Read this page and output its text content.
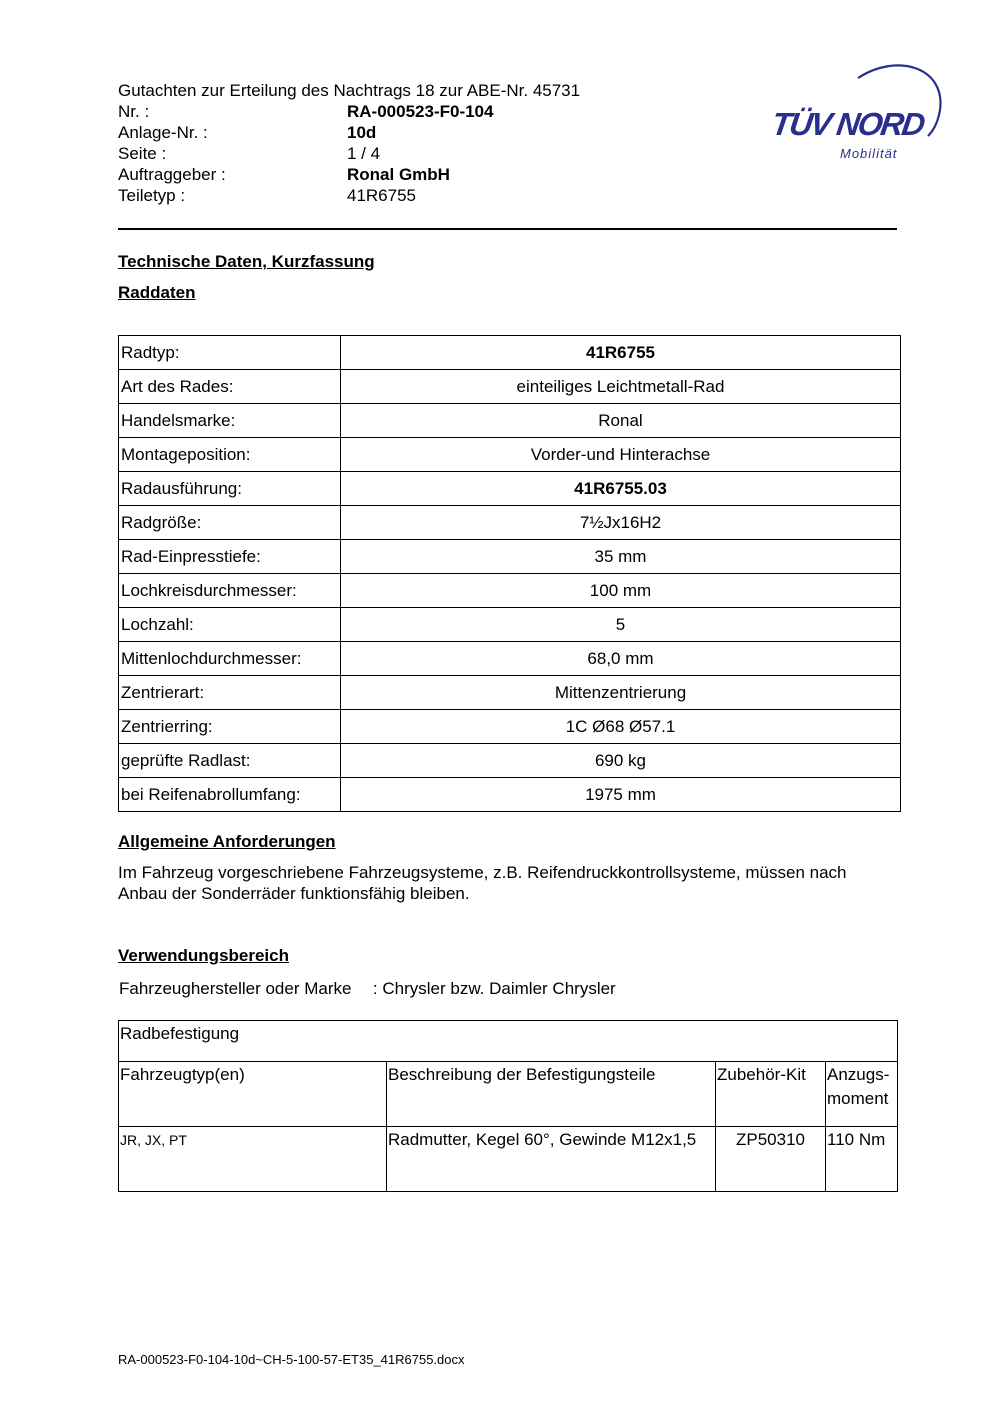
Gutachten zur Erteilung des Nachtrags 18 zur ABE-Nr. 45731
Nr. :	RA-000523-F0-104
Anlage-Nr. :	10d
Seite :	1 / 4
Auftraggeber :	Ronal GmbH
Teiletyp :	41R6755
TÜV NORD
Mobilität
Technische Daten, Kurzfassung
Raddaten
Radtyp:	41R6755
Art des Rades:	einteiliges Leichtmetall-Rad
Handelsmarke:	Ronal
Montageposition:	Vorder-und Hinterachse
Radausführung:	41R6755.03
Radgröße:	7½Jx16H2
Rad-Einpresstiefe:	35 mm
Lochkreisdurchmesser:	100 mm
Lochzahl:	5
Mittenlochdurchmesser:	68,0 mm
Zentrierart:	Mittenzentrierung
Zentrierring:	1C Ø68 Ø57.1
geprüfte Radlast:	690 kg
bei Reifenabrollumfang:	1975 mm
Allgemeine Anforderungen
Im Fahrzeug vorgeschriebene Fahrzeugsysteme, z.B. Reifendruckkontrollsysteme, müssen nach Anbau der Sonderräder funktionsfähig bleiben.
Verwendungsbereich
Fahrzeughersteller oder Marke : Chrysler bzw. Daimler Chrysler
Radbefestigung			
Fahrzeugtyp(en)	Beschreibung der Befestigungsteile	Zubehör-Kit	Anzugs-
moment

JR, JX, PT	Radmutter, Kegel 60°, Gewinde M12x1,5	ZP50310	110 Nm
RA-000523-F0-104-10d~CH-5-100-57-ET35_41R6755.docx
